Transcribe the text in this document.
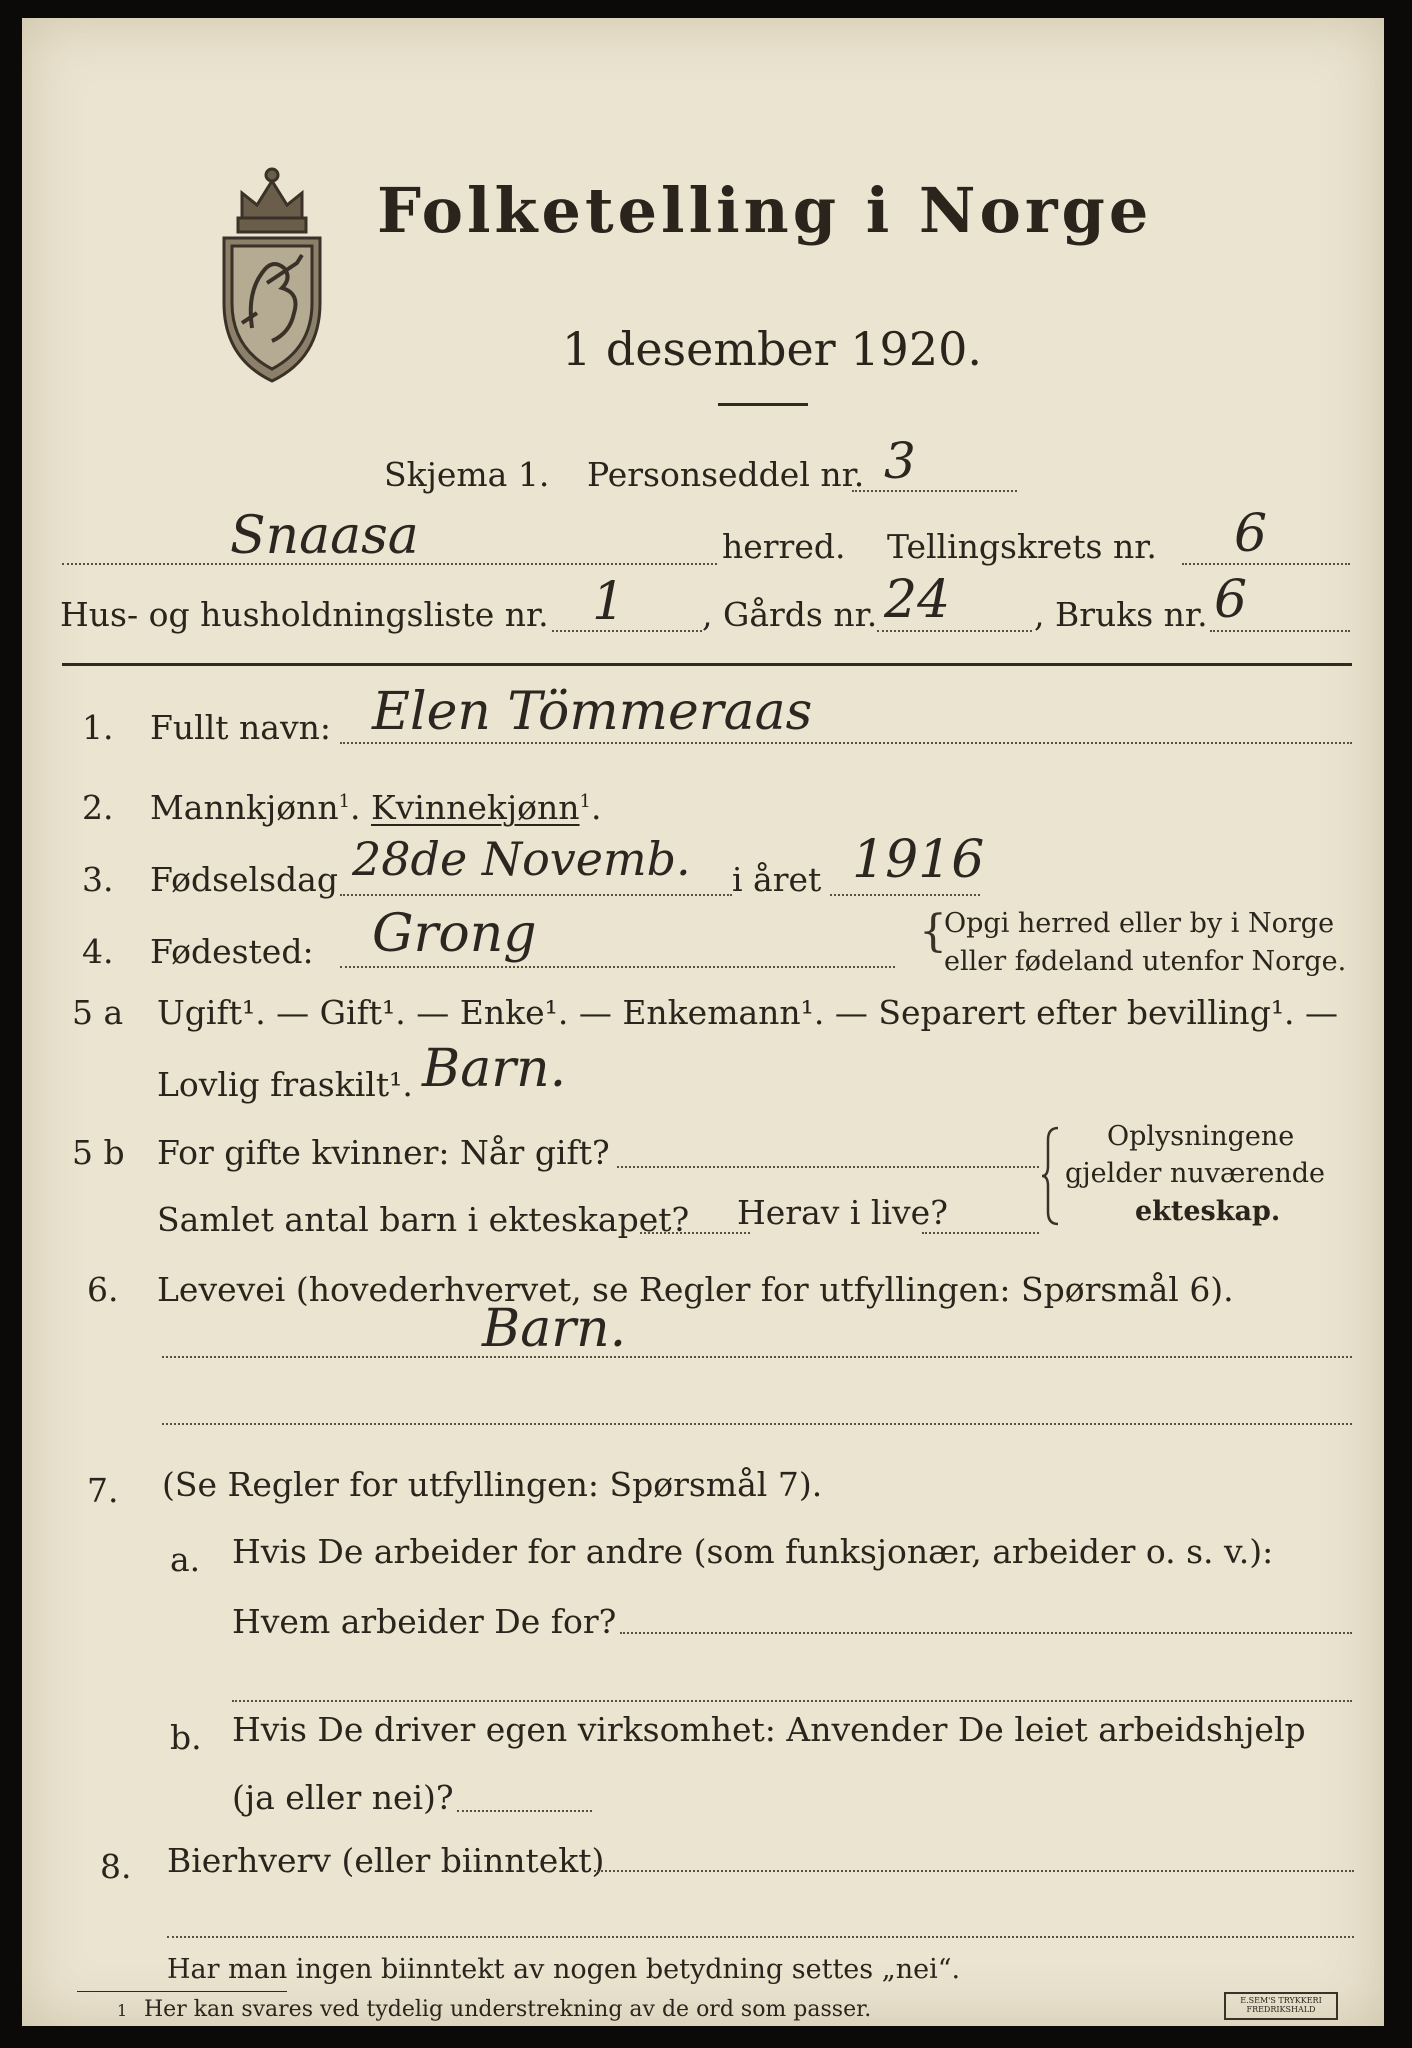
Folketelling i Norge
1 desember 1920.
Skjema 1. Personseddel nr. 3
Snaasa	herred. Tellingskrets nr. 6
Hus- og husholdningsliste nr. 1 , Gårds nr. 24	, Bruks nr. 6
1. Fullt navn: Elen Tömmeraas
2. Mannkjønn$^1$. Kvinnekjønn$^1$.
3. Fødselsdag 28de Novemb. i året 1916
4. Fødested: Grong	{
Opgi herred eller by i Norge
eller fødeland utenfor Norge.
5 a Ugift¹. — Gift¹. — Enke¹. — Enkemann¹. — Separert efter bevilling¹. —
Lovlig fraskilt¹. Barn.
5 b For gifte kvinner: Når gift?
Samlet antal barn i ekteskapet? Herav i live?
Oplysningene
gjelder nuværende
ekteskap.
6. Levevei (hovederhvervet, se Regler for utfyllingen: Spørsmål 6).
Barn.
7. (Se Regler for utfyllingen: Spørsmål 7).
a. Hvis De arbeider for andre (som funksjonær, arbeider o. s. v.):
Hvem arbeider De for?
b. Hvis De driver egen virksomhet: Anvender De leiet arbeidshjelp
(ja eller nei)?
8. Bierhverv (eller biinntekt)
Har man ingen biinntekt av nogen betydning settes „nei“.
1 Her kan svares ved tydelig understrekning av de ord som passer.	E.SEM'S TRYKKERI
FREDRIKSHALD
